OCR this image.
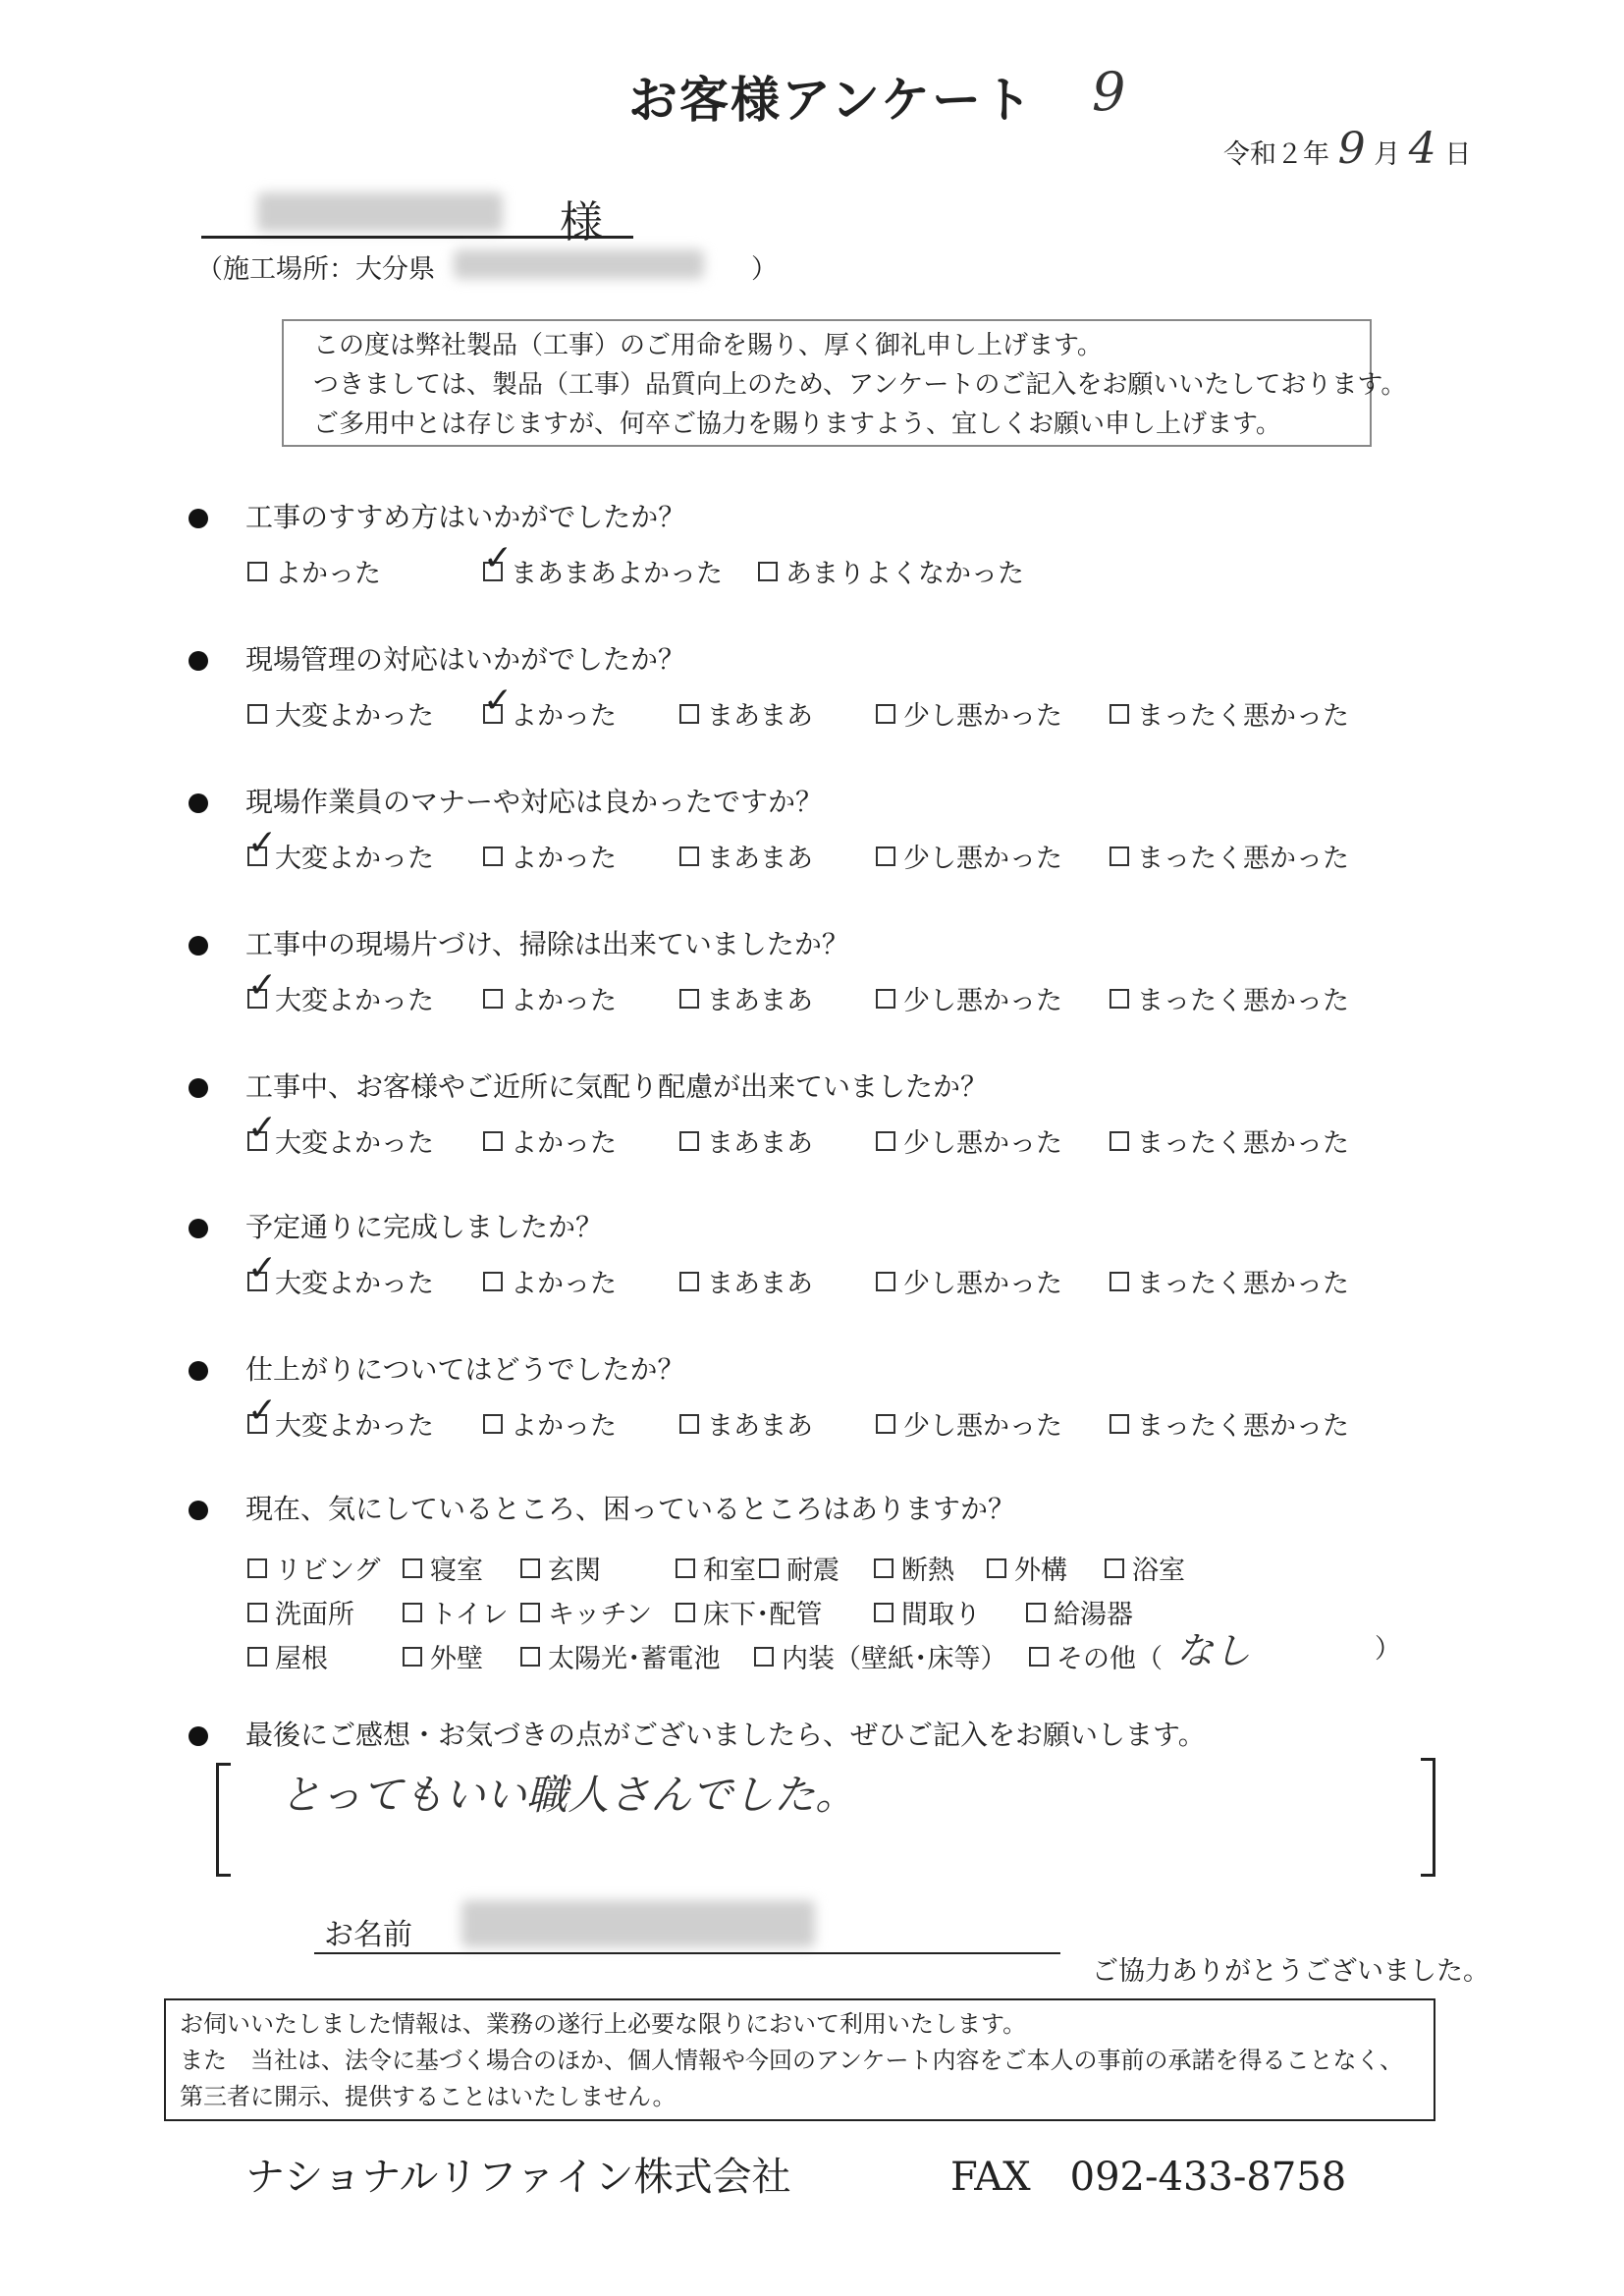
お客様アンケート 9
令和２年 9 月 4 日
様
（施工場所：大分県	）
この度は弊社製品（工事）のご用命を賜り、厚く御礼申し上げます。
つきましては、製品（工事）品質向上のため、アンケートのご記入をお願いいたしております。
ご多用中とは存じますが、何卒ご協力を賜りますよう、宜しくお願い申し上げます。
工事のすすめ方はいかがでしたか？
よかった ✓	まあまあよかった あまりよくなかった
現場管理の対応はいかがでしたか？
大変よかった ✓	よかった	まあまあ	少し悪かった	まったく悪かった
現場作業員のマナーや対応は良かったですか？
✓
大変よかった	よかった	まあまあ	少し悪かった	まったく悪かった
工事中の現場片づけ、掃除は出来ていましたか？
✓
大変よかった	よかった	まあまあ	少し悪かった	まったく悪かった
工事中、お客様やご近所に気配り配慮が出来ていましたか？
✓
大変よかった	よかった	まあまあ	少し悪かった	まったく悪かった
予定通りに完成しましたか？
✓
大変よかった	よかった	まあまあ	少し悪かった	まったく悪かった
仕上がりについてはどうでしたか？
✓
大変よかった	よかった	まあまあ	少し悪かった	まったく悪かった
現在、気にしているところ、困っているところはありますか？
リビング 寝室 玄関	和室 耐震 断熱 外構 浴室
洗面所	トイレ キッチン 床下･配管	間取り	給湯器
屋根	外壁 太陽光･蓄電池 内装（壁紙･床等） その他（ なし	）
最後にご感想・お気づきの点がございましたら、ぜひご記入をお願いします。
とってもいい職人さんでした。
お名前
ご協力ありがとうございました。
お伺いいたしました情報は、業務の遂行上必要な限りにおいて利用いたします。
また　当社は、法令に基づく場合のほか、個人情報や今回のアンケート内容をご本人の事前の承諾を得ることなく、
第三者に開示、提供することはいたしません。
ナショナルリファイン株式会社	FAX　092-433-8758
